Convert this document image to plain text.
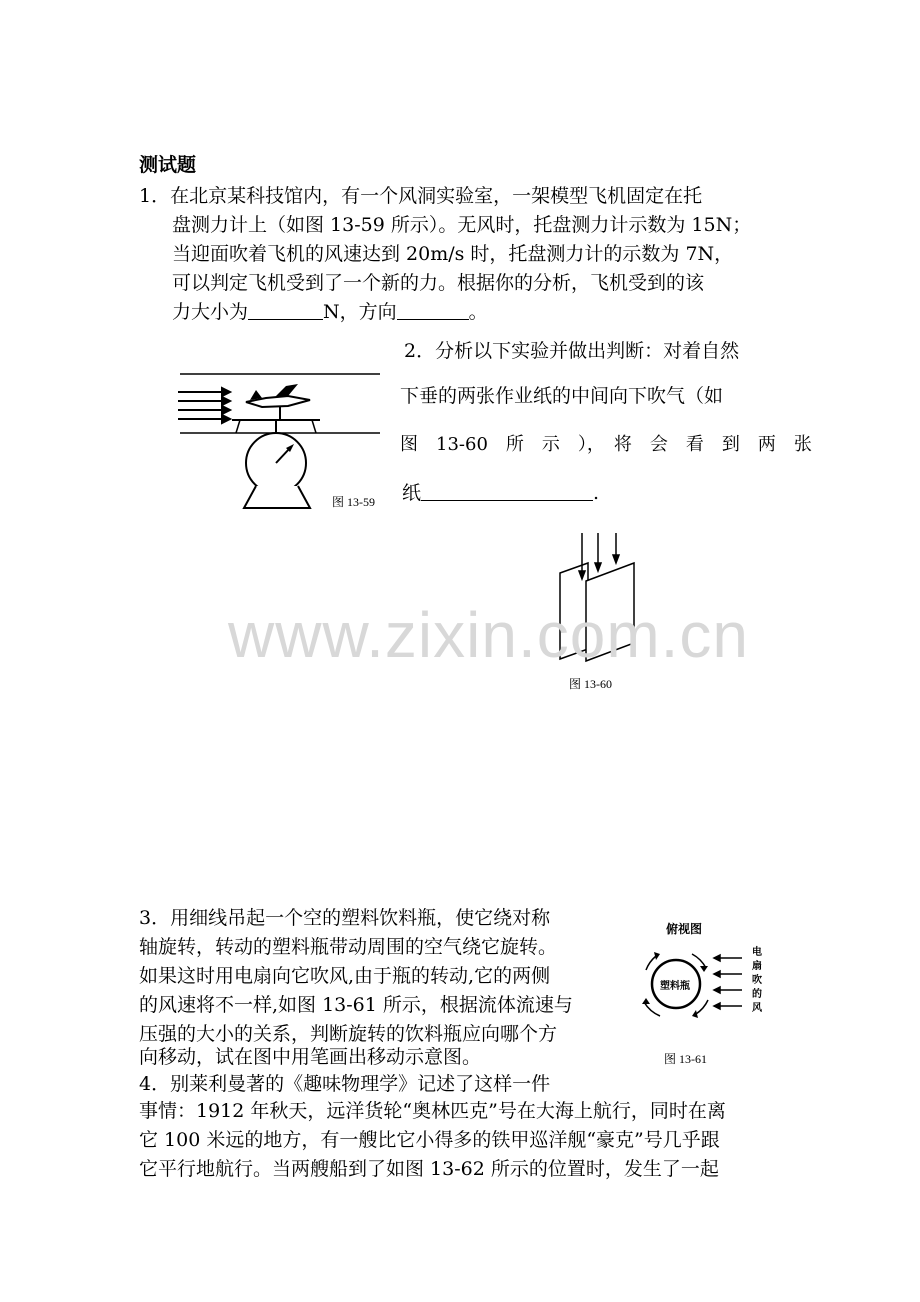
测试题
1．在北京某科技馆内，有一个风洞实验室，一架模型飞机固定在托
盘测力计上（如图 13-59 所示）。无风时，托盘测力计示数为 15N；
当迎面吹着飞机的风速达到 20m/s 时，托盘测力计的示数为 7N，
可以判定飞机受到了一个新的力。根据你的分析，飞机受到的该
力大小为	N，方向	。
图 13-59
2．分析以下实验并做出判断：对着自然
下垂的两张作业纸的中间向下吹气（如
图　13-60　所　示　），　将　会　看　到　两　张
纸	.
图 13-60
www.zixin.com.cn
3．用细线吊起一个空的塑料饮料瓶，使它绕对称
轴旋转，转动的塑料瓶带动周围的空气绕它旋转。
如果这时用电扇向它吹风,由于瓶的转动,它的两侧
的风速将不一样,如图 13-61 所示，根据流体流速与
压强的大小的关系，判断旋转的饮料瓶应向哪个方
向移动，试在图中用笔画出移动示意图。
俯视图
塑料瓶
电
扇
吹
的
风
图 13-61
4．别莱利曼著的《趣味物理学》记述了这样一件
事情：1912 年秋天，远洋货轮“奥林匹克”号在大海上航行，同时在离
它 100 米远的地方，有一艘比它小得多的铁甲巡洋舰“豪克”号几乎跟
它平行地航行。当两艘船到了如图 13-62 所示的位置时，发生了一起
